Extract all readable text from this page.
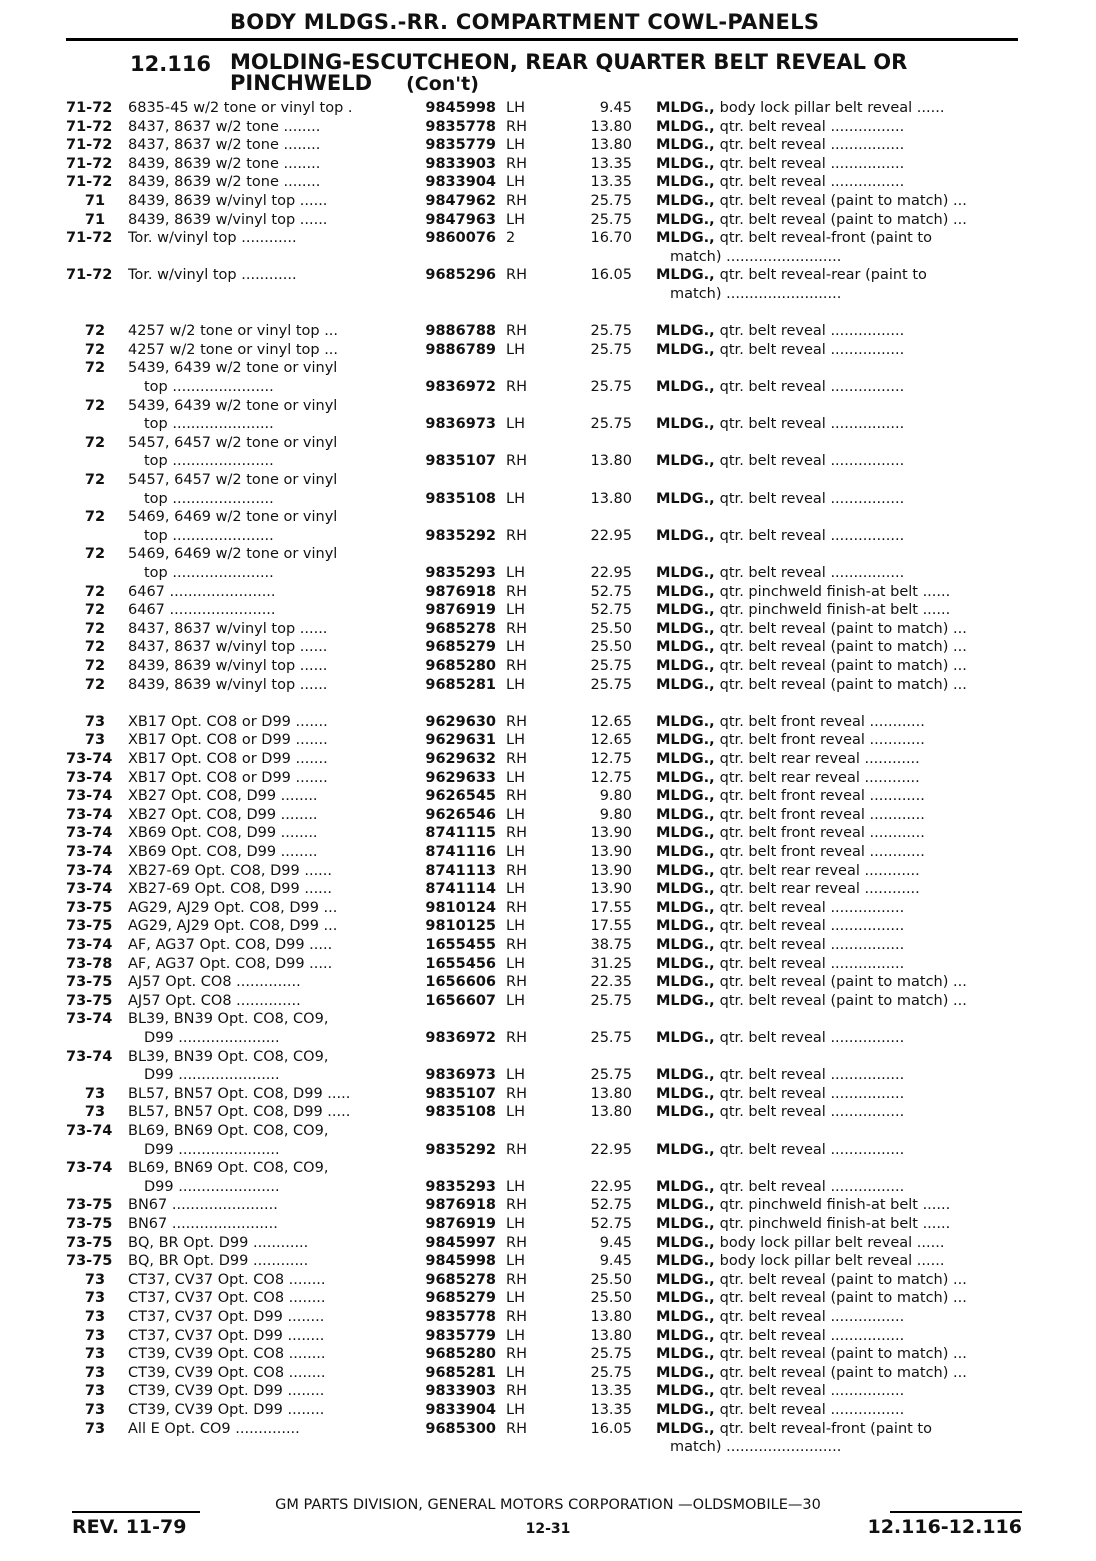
BODY MLDGS.-RR. COMPARTMENT COWL-PANELS
12.116 MOLDING-ESCUTCHEON, REAR QUARTER BELT REVEAL OR PINCHWELD (Con't)
71-72	6835-45 w/2 tone or vinyl top .	9845998 LH	9.45 MLDG., body lock pillar belt reveal ......
71-72	8437, 8637 w/2 tone ........	9835778 RH	13.80 MLDG., qtr. belt reveal ................
71-72	8437, 8637 w/2 tone ........	9835779 LH	13.80 MLDG., qtr. belt reveal ................
71-72	8439, 8639 w/2 tone ........	9833903 RH	13.35 MLDG., qtr. belt reveal ................
71-72	8439, 8639 w/2 tone ........	9833904 LH	13.35 MLDG., qtr. belt reveal ................
71	8439, 8639 w/vinyl top ......	9847962 RH	25.75 MLDG., qtr. belt reveal (paint to match) ...
71	8439, 8639 w/vinyl top ......	9847963 LH	25.75 MLDG., qtr. belt reveal (paint to match) ...
71-72	Tor. w/vinyl top ............	9860076 2	16.70 MLDG., qtr. belt reveal-front (paint to
match) .........................
71-72	Tor. w/vinyl top ............	9685296 RH	16.05 MLDG., qtr. belt reveal-rear (paint to
match) .........................
72	4257 w/2 tone or vinyl top ...	9886788 RH	25.75 MLDG., qtr. belt reveal ................
72	4257 w/2 tone or vinyl top ...	9886789 LH	25.75 MLDG., qtr. belt reveal ................
72	5439, 6439 w/2 tone or vinyl
top ......................	9836972 RH	25.75 MLDG., qtr. belt reveal ................
72	5439, 6439 w/2 tone or vinyl
top ......................	9836973 LH	25.75 MLDG., qtr. belt reveal ................
72	5457, 6457 w/2 tone or vinyl
top ......................	9835107 RH	13.80 MLDG., qtr. belt reveal ................
72	5457, 6457 w/2 tone or vinyl
top ......................	9835108 LH	13.80 MLDG., qtr. belt reveal ................
72	5469, 6469 w/2 tone or vinyl
top ......................	9835292 RH	22.95 MLDG., qtr. belt reveal ................
72	5469, 6469 w/2 tone or vinyl
top ......................	9835293 LH	22.95 MLDG., qtr. belt reveal ................
72	6467 .......................	9876918 RH	52.75 MLDG., qtr. pinchweld finish-at belt ......
72	6467 .......................	9876919 LH	52.75 MLDG., qtr. pinchweld finish-at belt ......
72	8437, 8637 w/vinyl top ......	9685278 RH	25.50 MLDG., qtr. belt reveal (paint to match) ...
72	8437, 8637 w/vinyl top ......	9685279 LH	25.50 MLDG., qtr. belt reveal (paint to match) ...
72	8439, 8639 w/vinyl top ......	9685280 RH	25.75 MLDG., qtr. belt reveal (paint to match) ...
72	8439, 8639 w/vinyl top ......	9685281 LH	25.75 MLDG., qtr. belt reveal (paint to match) ...
73	XB17 Opt. CO8 or D99 .......	9629630 RH	12.65 MLDG., qtr. belt front reveal ............
73	XB17 Opt. CO8 or D99 .......	9629631 LH	12.65 MLDG., qtr. belt front reveal ............
73-74	XB17 Opt. CO8 or D99 .......	9629632 RH	12.75 MLDG., qtr. belt rear reveal ............
73-74	XB17 Opt. CO8 or D99 .......	9629633 LH	12.75 MLDG., qtr. belt rear reveal ............
73-74	XB27 Opt. CO8, D99 ........	9626545 RH	9.80 MLDG., qtr. belt front reveal ............
73-74	XB27 Opt. CO8, D99 ........	9626546 LH	9.80 MLDG., qtr. belt front reveal ............
73-74	XB69 Opt. CO8, D99 ........	8741115 RH	13.90 MLDG., qtr. belt front reveal ............
73-74	XB69 Opt. CO8, D99 ........	8741116 LH	13.90 MLDG., qtr. belt front reveal ............
73-74	XB27-69 Opt. CO8, D99 ......	8741113 RH	13.90 MLDG., qtr. belt rear reveal ............
73-74	XB27-69 Opt. CO8, D99 ......	8741114 LH	13.90 MLDG., qtr. belt rear reveal ............
73-75	AG29, AJ29 Opt. CO8, D99 ...	9810124 RH	17.55 MLDG., qtr. belt reveal ................
73-75	AG29, AJ29 Opt. CO8, D99 ...	9810125 LH	17.55 MLDG., qtr. belt reveal ................
73-74	AF, AG37 Opt. CO8, D99 .....	1655455 RH	38.75 MLDG., qtr. belt reveal ................
73-78	AF, AG37 Opt. CO8, D99 .....	1655456 LH	31.25 MLDG., qtr. belt reveal ................
73-75	AJ57 Opt. CO8 ..............	1656606 RH	22.35 MLDG., qtr. belt reveal (paint to match) ...
73-75	AJ57 Opt. CO8 ..............	1656607 LH	25.75 MLDG., qtr. belt reveal (paint to match) ...
73-74	BL39, BN39 Opt. CO8, CO9,
D99 ......................	9836972 RH	25.75 MLDG., qtr. belt reveal ................
73-74	BL39, BN39 Opt. CO8, CO9,
D99 ......................	9836973 LH	25.75 MLDG., qtr. belt reveal ................
73	BL57, BN57 Opt. CO8, D99 .....	9835107 RH	13.80 MLDG., qtr. belt reveal ................
73	BL57, BN57 Opt. CO8, D99 .....	9835108 LH	13.80 MLDG., qtr. belt reveal ................
73-74	BL69, BN69 Opt. CO8, CO9,
D99 ......................	9835292 RH	22.95 MLDG., qtr. belt reveal ................
73-74	BL69, BN69 Opt. CO8, CO9,
D99 ......................	9835293 LH	22.95 MLDG., qtr. belt reveal ................
73-75	BN67 .......................	9876918 RH	52.75 MLDG., qtr. pinchweld finish-at belt ......
73-75	BN67 .......................	9876919 LH	52.75 MLDG., qtr. pinchweld finish-at belt ......
73-75	BQ, BR Opt. D99 ............	9845997 RH	9.45 MLDG., body lock pillar belt reveal ......
73-75	BQ, BR Opt. D99 ............	9845998 LH	9.45 MLDG., body lock pillar belt reveal ......
73	CT37, CV37 Opt. CO8 ........	9685278 RH	25.50 MLDG., qtr. belt reveal (paint to match) ...
73	CT37, CV37 Opt. CO8 ........	9685279 LH	25.50 MLDG., qtr. belt reveal (paint to match) ...
73	CT37, CV37 Opt. D99 ........	9835778 RH	13.80 MLDG., qtr. belt reveal ................
73	CT37, CV37 Opt. D99 ........	9835779 LH	13.80 MLDG., qtr. belt reveal ................
73	CT39, CV39 Opt. CO8 ........	9685280 RH	25.75 MLDG., qtr. belt reveal (paint to match) ...
73	CT39, CV39 Opt. CO8 ........	9685281 LH	25.75 MLDG., qtr. belt reveal (paint to match) ...
73	CT39, CV39 Opt. D99 ........	9833903 RH	13.35 MLDG., qtr. belt reveal ................
73	CT39, CV39 Opt. D99 ........	9833904 LH	13.35 MLDG., qtr. belt reveal ................
73	All E Opt. CO9 ..............	9685300 RH	16.05 MLDG., qtr. belt reveal-front (paint to
match) .........................
GM PARTS DIVISION, GENERAL MOTORS CORPORATION —OLDSMOBILE—30
REV. 11-79	12-31	12.116-12.116
